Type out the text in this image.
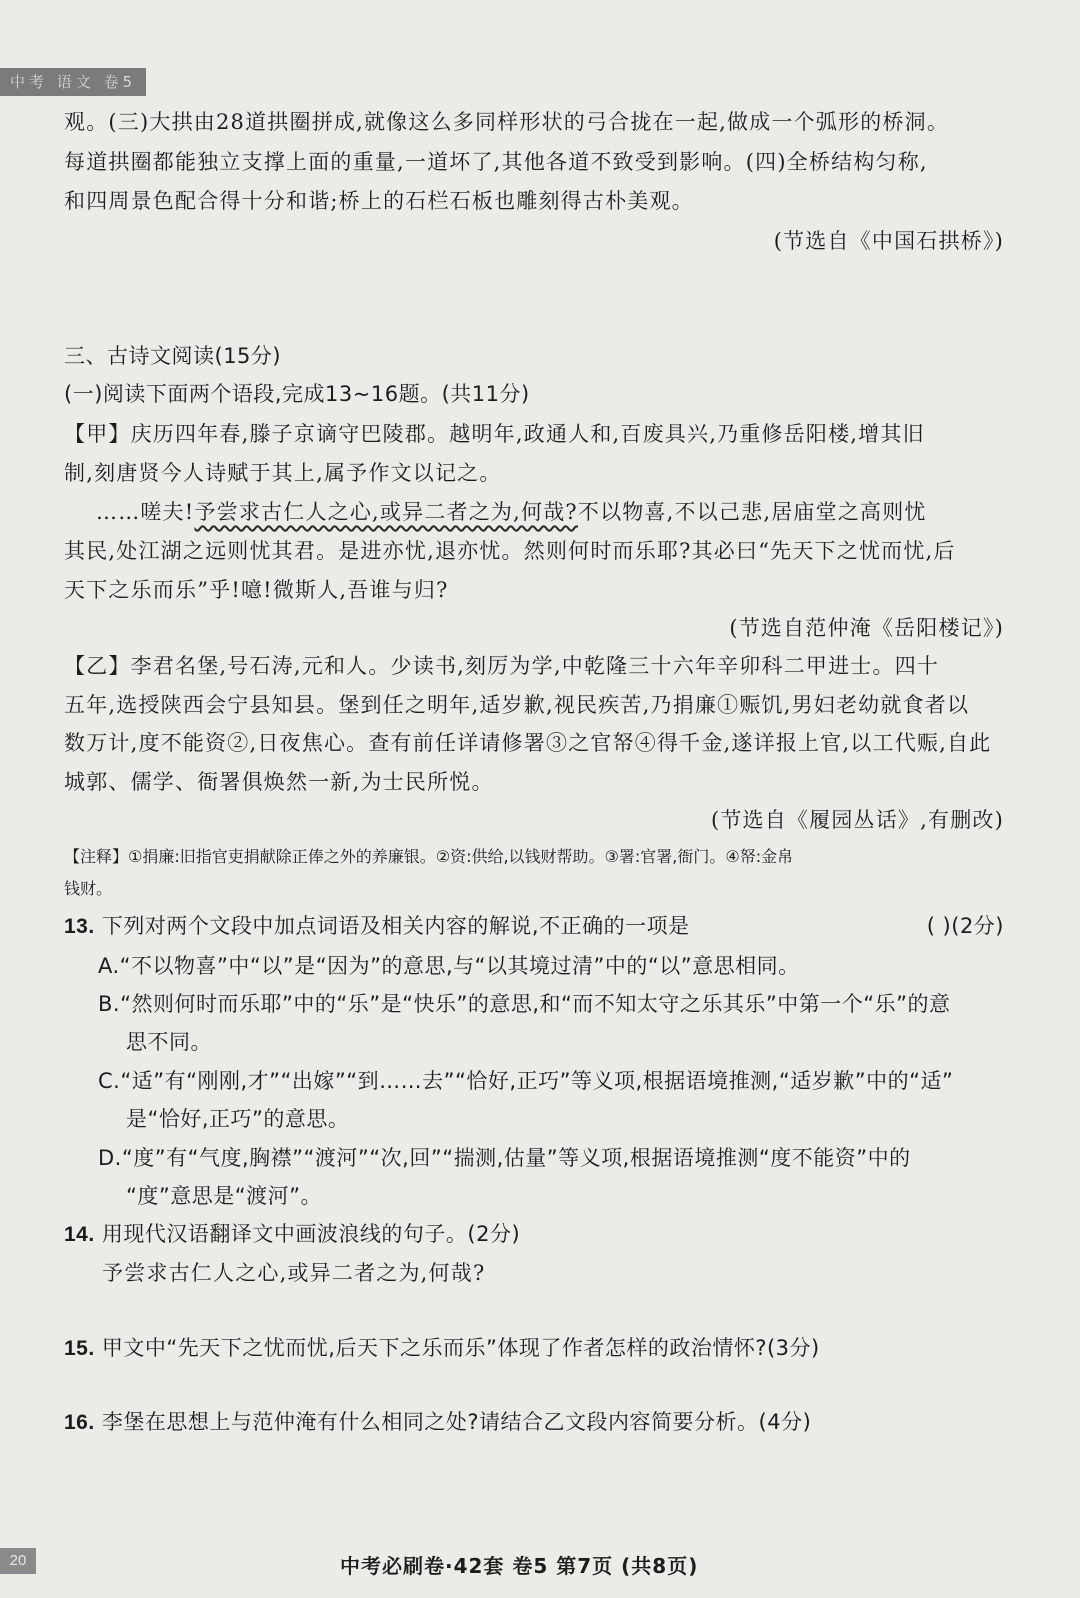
中考 语文 卷5
观。(三)大拱由28道拱圈拼成,就像这么多同样形状的弓合拢在一起,做成一个弧形的桥洞。
每道拱圈都能独立支撑上面的重量,一道坏了,其他各道不致受到影响。(四)全桥结构匀称,
和四周景色配合得十分和谐;桥上的石栏石板也雕刻得古朴美观。
(节选自《中国石拱桥》)
三、古诗文阅读(15分)
(一)阅读下面两个语段,完成13~16题。(共11分)
【甲】庆历四年春,滕子京谪守巴陵郡。越明年,政通人和,百废具兴,乃重修岳阳楼,增其旧
制,刻唐贤今人诗赋于其上,属予作文以记之。
……嗟夫!予尝求古仁人之心,或异二者之为,何哉?不以物喜,不以己悲,居庙堂之高则忧
其民,处江湖之远则忧其君。是进亦忧,退亦忧。然则何时而乐耶?其必曰“先天下之忧而忧,后
天下之乐而乐”乎!噫!微斯人,吾谁与归?
(节选自范仲淹《岳阳楼记》)
【乙】李君名堡,号石涛,元和人。少读书,刻厉为学,中乾隆三十六年辛卯科二甲进士。四十
五年,选授陕西会宁县知县。堡到任之明年,适岁歉,视民疾苦,乃捐廉①赈饥,男妇老幼就食者以
数万计,度不能资②,日夜焦心。查有前任详请修署③之官帑④得千金,遂详报上官,以工代赈,自此
城郭、儒学、衙署俱焕然一新,为士民所悦。
(节选自《履园丛话》,有删改)
【注释】①捐廉:旧指官吏捐献除正俸之外的养廉银。②资:供给,以钱财帮助。③署:官署,衙门。④帑:金帛
钱财。
13. 下列对两个文段中加点词语及相关内容的解说,不正确的一项是	( )(2分)
A.“不以物喜”中“以”是“因为”的意思,与“以其境过清”中的“以”意思相同。
B.“然则何时而乐耶”中的“乐”是“快乐”的意思,和“而不知太守之乐其乐”中第一个“乐”的意
思不同。
C.“适”有“刚刚,才”“出嫁”“到……去”“恰好,正巧”等义项,根据语境推测,“适岁歉”中的“适”
是“恰好,正巧”的意思。
D.“度”有“气度,胸襟”“渡河”“次,回”“揣测,估量”等义项,根据语境推测“度不能资”中的
“度”意思是“渡河”。
14. 用现代汉语翻译文中画波浪线的句子。(2分)
予尝求古仁人之心,或异二者之为,何哉?
15. 甲文中“先天下之忧而忧,后天下之乐而乐”体现了作者怎样的政治情怀?(3分)
16. 李堡在思想上与范仲淹有什么相同之处?请结合乙文段内容简要分析。(4分)
20	中考必刷卷·42套 卷5 第7页 (共8页)
